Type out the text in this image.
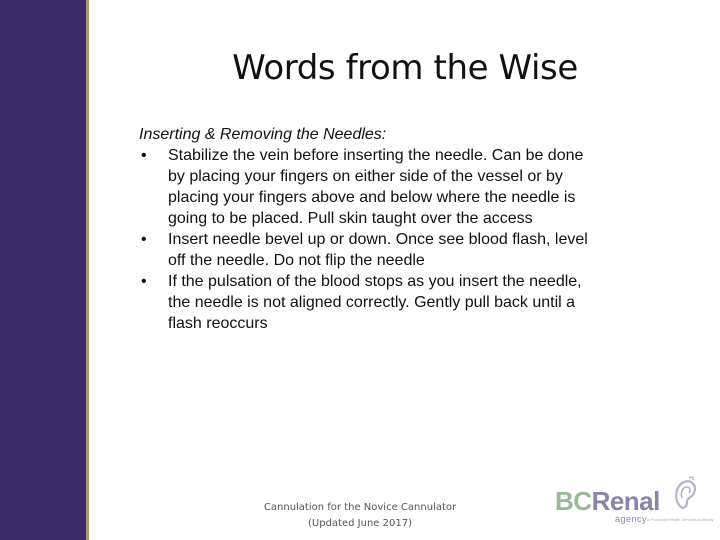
Words from the Wise
Inserting & Removing the Needles:
• Stabilize the vein before inserting the needle. Can be done
by placing your fingers on either side of the vessel or by
placing your fingers above and below where the needle is
going to be placed. Pull skin taught over the access
• Insert needle bevel up or down. Once see blood flash, level
off the needle. Do not flip the needle
• If the pulsation of the blood stops as you insert the needle,
the needle is not aligned correctly. Gently pull back until a
flash reoccurs
Cannulation for the Novice Cannulator
(Updated June 2017)
BCRenal
agency a Provincial Health Services Authority
